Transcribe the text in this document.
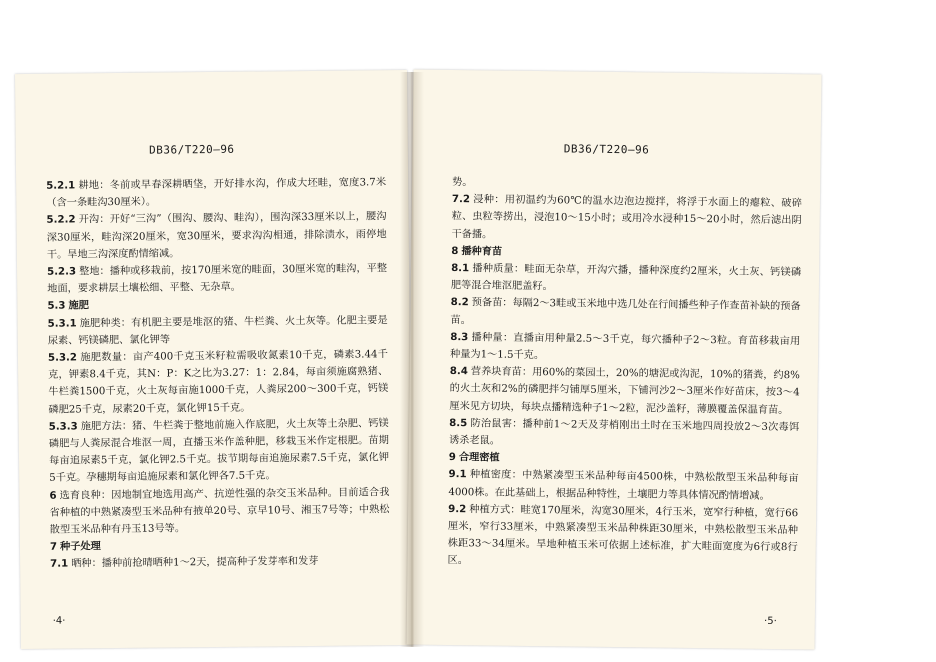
DB36/T220—96

5.2.1 耕地：冬前或早春深耕晒垡，开好排水沟，作成大坯畦，宽度3.7米（含一条畦沟30厘米）。

5.2.2 开沟：开好“三沟”（围沟、腰沟、畦沟），围沟深33厘米以上，腰沟深30厘米，畦沟深20厘米，宽30厘米，要求沟沟相通，排除渍水，雨停地干。旱地三沟深度酌情缩减。

5.2.3 整地：播种或移栽前，按170厘米宽的畦面，30厘米宽的畦沟，平整地面，要求耕层土壤松细、平整、无杂草。

5.3 施肥

5.3.1 施肥种类：有机肥主要是堆沤的猪、牛栏粪、火土灰等。化肥主要是尿素、钙镁磷肥、氯化钾等

5.3.2 施肥数量：亩产400千克玉米籽粒需吸收氮素10千克，磷素3.44千克，钾素8.4千克，其N：P：K之比为3.27：1：2.84，每亩须施腐熟猪、牛栏粪1500千克，火土灰每亩施1000千克，人粪尿200～300千克，钙镁磷肥25千克，尿素20千克，氯化钾15千克。

5.3.3 施肥方法：猪、牛栏粪于整地前施入作底肥，火土灰等土杂肥、钙镁磷肥与人粪尿混合堆沤一周，直播玉米作盖种肥，移栽玉米作定根肥。苗期每亩追尿素5千克，氯化钾2.5千克。拔节期每亩追施尿素7.5千克，氯化钾5千克。孕穗期每亩追施尿素和氯化钾各7.5千克。

6 选育良种：因地制宜地选用高产、抗逆性强的杂交玉米品种。目前适合我省种植的中熟紧凑型玉米品种有掖单20号、京早10号、湘玉7号等；中熟松散型玉米品种有丹玉13号等。

7 种子处理

7.1 晒种：播种前抢晴晒种1～2天，提高种子发芽率和发芽

·4·
DB36/T220—96

势。

7.2 浸种：用初温约为60℃的温水边泡边搅拌，将浮于水面上的瘪粒、破碎粒、虫粒等捞出，浸泡10～15小时；或用冷水浸种15～20小时，然后滤出阴干备播。

8 播种育苗

8.1 播种质量：畦面无杂草，开沟穴播，播种深度约2厘米，火土灰、钙镁磷肥等混合堆沤肥盖籽。

8.2 预备苗：每隔2～3畦或玉米地中选几处在行间播些种子作查苗补缺的预备苗。

8.3 播种量：直播亩用种量2.5～3千克，每穴播种子2～3粒。育苗移栽亩用种量为1～1.5千克。

8.4 营养块育苗：用60%的菜园土，20%的塘泥或沟泥，10%的猪粪，约8%的火土灰和2%的磷肥拌匀铺厚5厘米，下铺河沙2～3厘米作好苗床，按3～4厘米见方切块，每块点播精选种子1～2粒，泥沙盖籽，薄膜覆盖保温育苗。

8.5 防治鼠害：播种前1～2天及芽梢刚出土时在玉米地四周投放2～3次毒饵诱杀老鼠。

9 合理密植

9.1 种植密度：中熟紧凑型玉米品种每亩4500株，中熟松散型玉米品种每亩4000株。在此基础上，根据品种特性，土壤肥力等具体情况酌情增减。

9.2 种植方式：畦宽170厘米，沟宽30厘米，4行玉米，宽窄行种植，宽行66厘米，窄行33厘米，中熟紧凑型玉米品种株距30厘米，中熟松散型玉米品种株距33～34厘米。旱地种植玉米可依据上述标准，扩大畦面宽度为6行或8行区。

·5·
